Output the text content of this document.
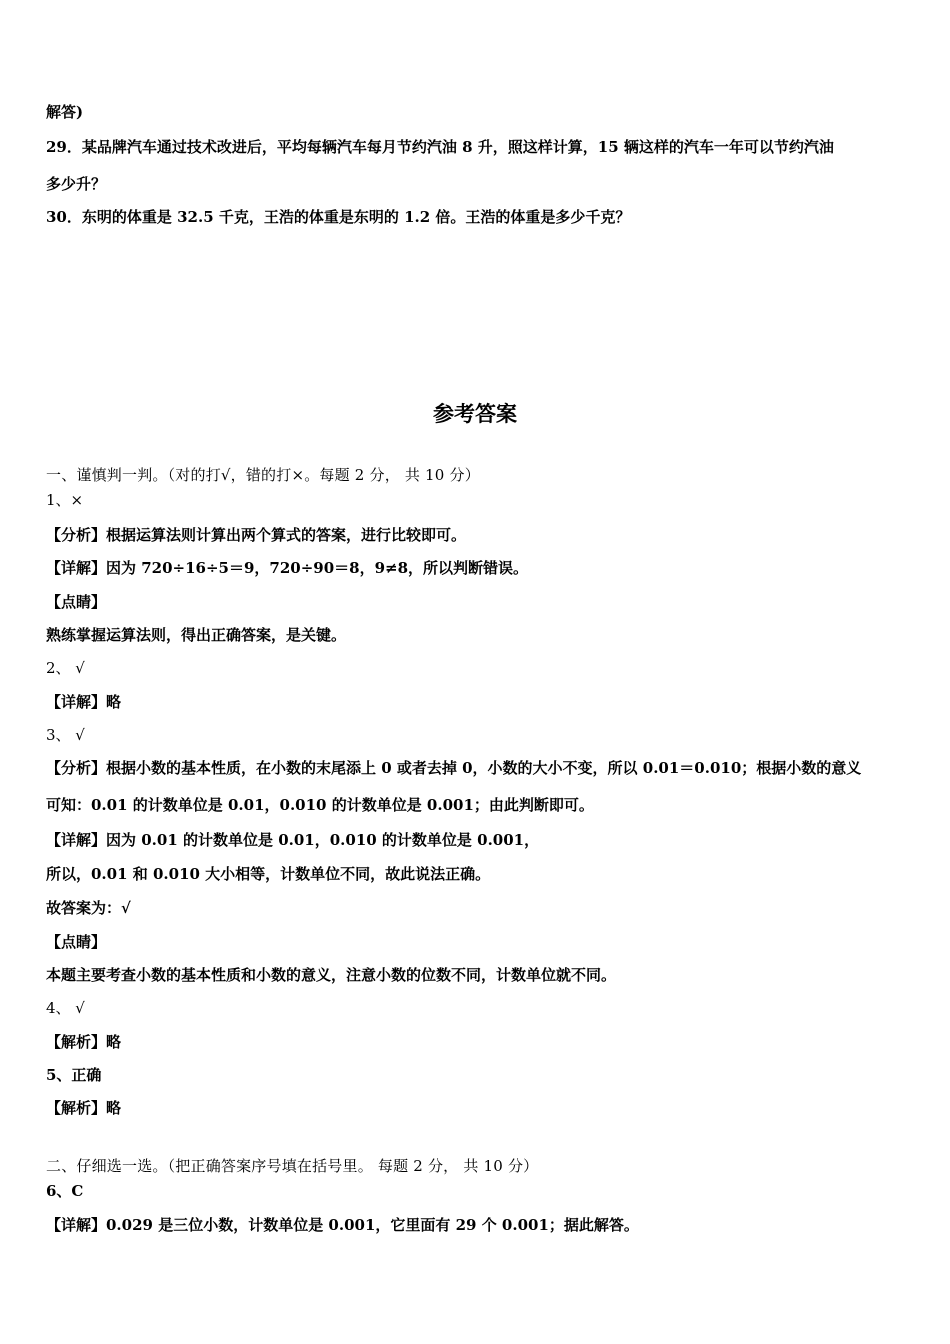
解答)
29．某品牌汽车通过技术改进后，平均每辆汽车每月节约汽油 8 升，照这样计算，15 辆这样的汽车一年可以节约汽油
多少升？
30．东明的体重是 32.5 千克，王浩的体重是东明的 1.2 倍。王浩的体重是多少千克？
参考答案
一、谨慎判一判。（对的打√，错的打×。每题 2 分， 共 10 分）
1、×
【分析】根据运算法则计算出两个算式的答案，进行比较即可。
【详解】因为 720÷16÷5＝9，720÷90＝8，9≠8，所以判断错误。
【点睛】
熟练掌握运算法则，得出正确答案，是关键。
2、 √
【详解】略
3、 √
【分析】根据小数的基本性质，在小数的末尾添上 0 或者去掉 0，小数的大小不变，所以 0.01＝0.010；根据小数的意义
可知：0.01 的计数单位是 0.01，0.010 的计数单位是 0.001；由此判断即可。
【详解】因为 0.01 的计数单位是 0.01，0.010 的计数单位是 0.001，
所以，0.01 和 0.010 大小相等，计数单位不同，故此说法正确。
故答案为：√
【点睛】
本题主要考查小数的基本性质和小数的意义，注意小数的位数不同，计数单位就不同。
4、 √
【解析】略
5、正确
【解析】略
二、仔细选一选。（把正确答案序号填在括号里。 每题 2 分， 共 10 分）
6、C
【详解】0.029 是三位小数，计数单位是 0.001，它里面有 29 个 0.001；据此解答。
